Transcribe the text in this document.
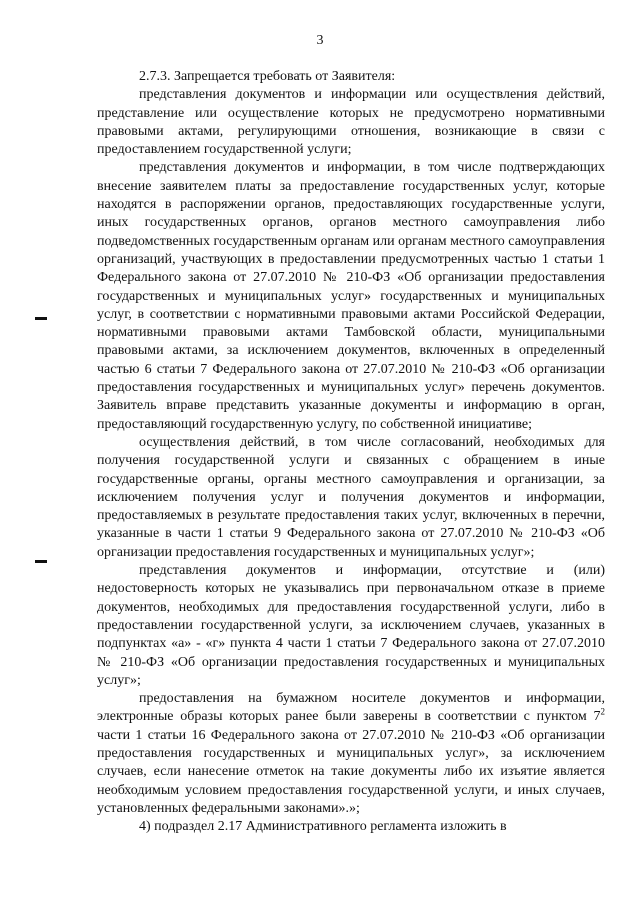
3

2.7.3. Запрещается требовать от Заявителя:

представления документов и информации или осуществления действий, представление или осуществление которых не предусмотрено нормативными правовыми актами, регулирующими отношения, возникающие в связи с предоставлением государственной услуги;

представления документов и информации, в том числе подтверждающих внесение заявителем платы за предоставление государственных услуг, которые находятся в распоряжении органов, предоставляющих государственные услуги, иных государственных органов, органов местного самоуправления либо подведомственных государственным органам или органам местного самоуправления организаций, участвующих в предоставлении предусмотренных частью 1 статьи 1 Федерального закона от 27.07.2010 № 210-ФЗ «Об организации предоставления государственных и муниципальных услуг» государственных и муниципальных услуг, в соответствии с нормативными правовыми актами Российской Федерации, нормативными правовыми актами Тамбовской области, муниципальными правовыми актами, за исключением документов, включенных в определенный частью 6 статьи 7 Федерального закона от 27.07.2010 № 210-ФЗ «Об организации предоставления государственных и муниципальных услуг» перечень документов. Заявитель вправе представить указанные документы и информацию в орган, предоставляющий государственную услугу, по собственной инициативе;

осуществления действий, в том числе согласований, необходимых для получения государственной услуги и связанных с обращением в иные государственные органы, органы местного самоуправления и организации, за исключением получения услуг и получения документов и информации, предоставляемых в результате предоставления таких услуг, включенных в перечни, указанные в части 1 статьи 9 Федерального закона от 27.07.2010 № 210-ФЗ «Об организации предоставления государственных и муниципальных услуг»;

представления документов и информации, отсутствие и (или) недостоверность которых не указывались при первоначальном отказе в приеме документов, необходимых для предоставления государственной услуги, либо в предоставлении государственной услуги, за исключением случаев, указанных в подпунктах «а» - «г» пункта 4 части 1 статьи 7 Федерального закона от 27.07.2010 № 210-ФЗ «Об организации предоставления государственных и муниципальных услуг»;

предоставления на бумажном носителе документов и информации, электронные образы которых ранее были заверены в соответствии с пунктом $7^2$ части 1 статьи 16 Федерального закона от 27.07.2010 № 210-ФЗ «Об организации предоставления государственных и муниципальных услуг», за исключением случаев, если нанесение отметок на такие документы либо их изъятие является необходимым условием предоставления государственной услуги, и иных случаев, установленных федеральными законами».»;

4) подраздел 2.17 Административного регламента изложить в
